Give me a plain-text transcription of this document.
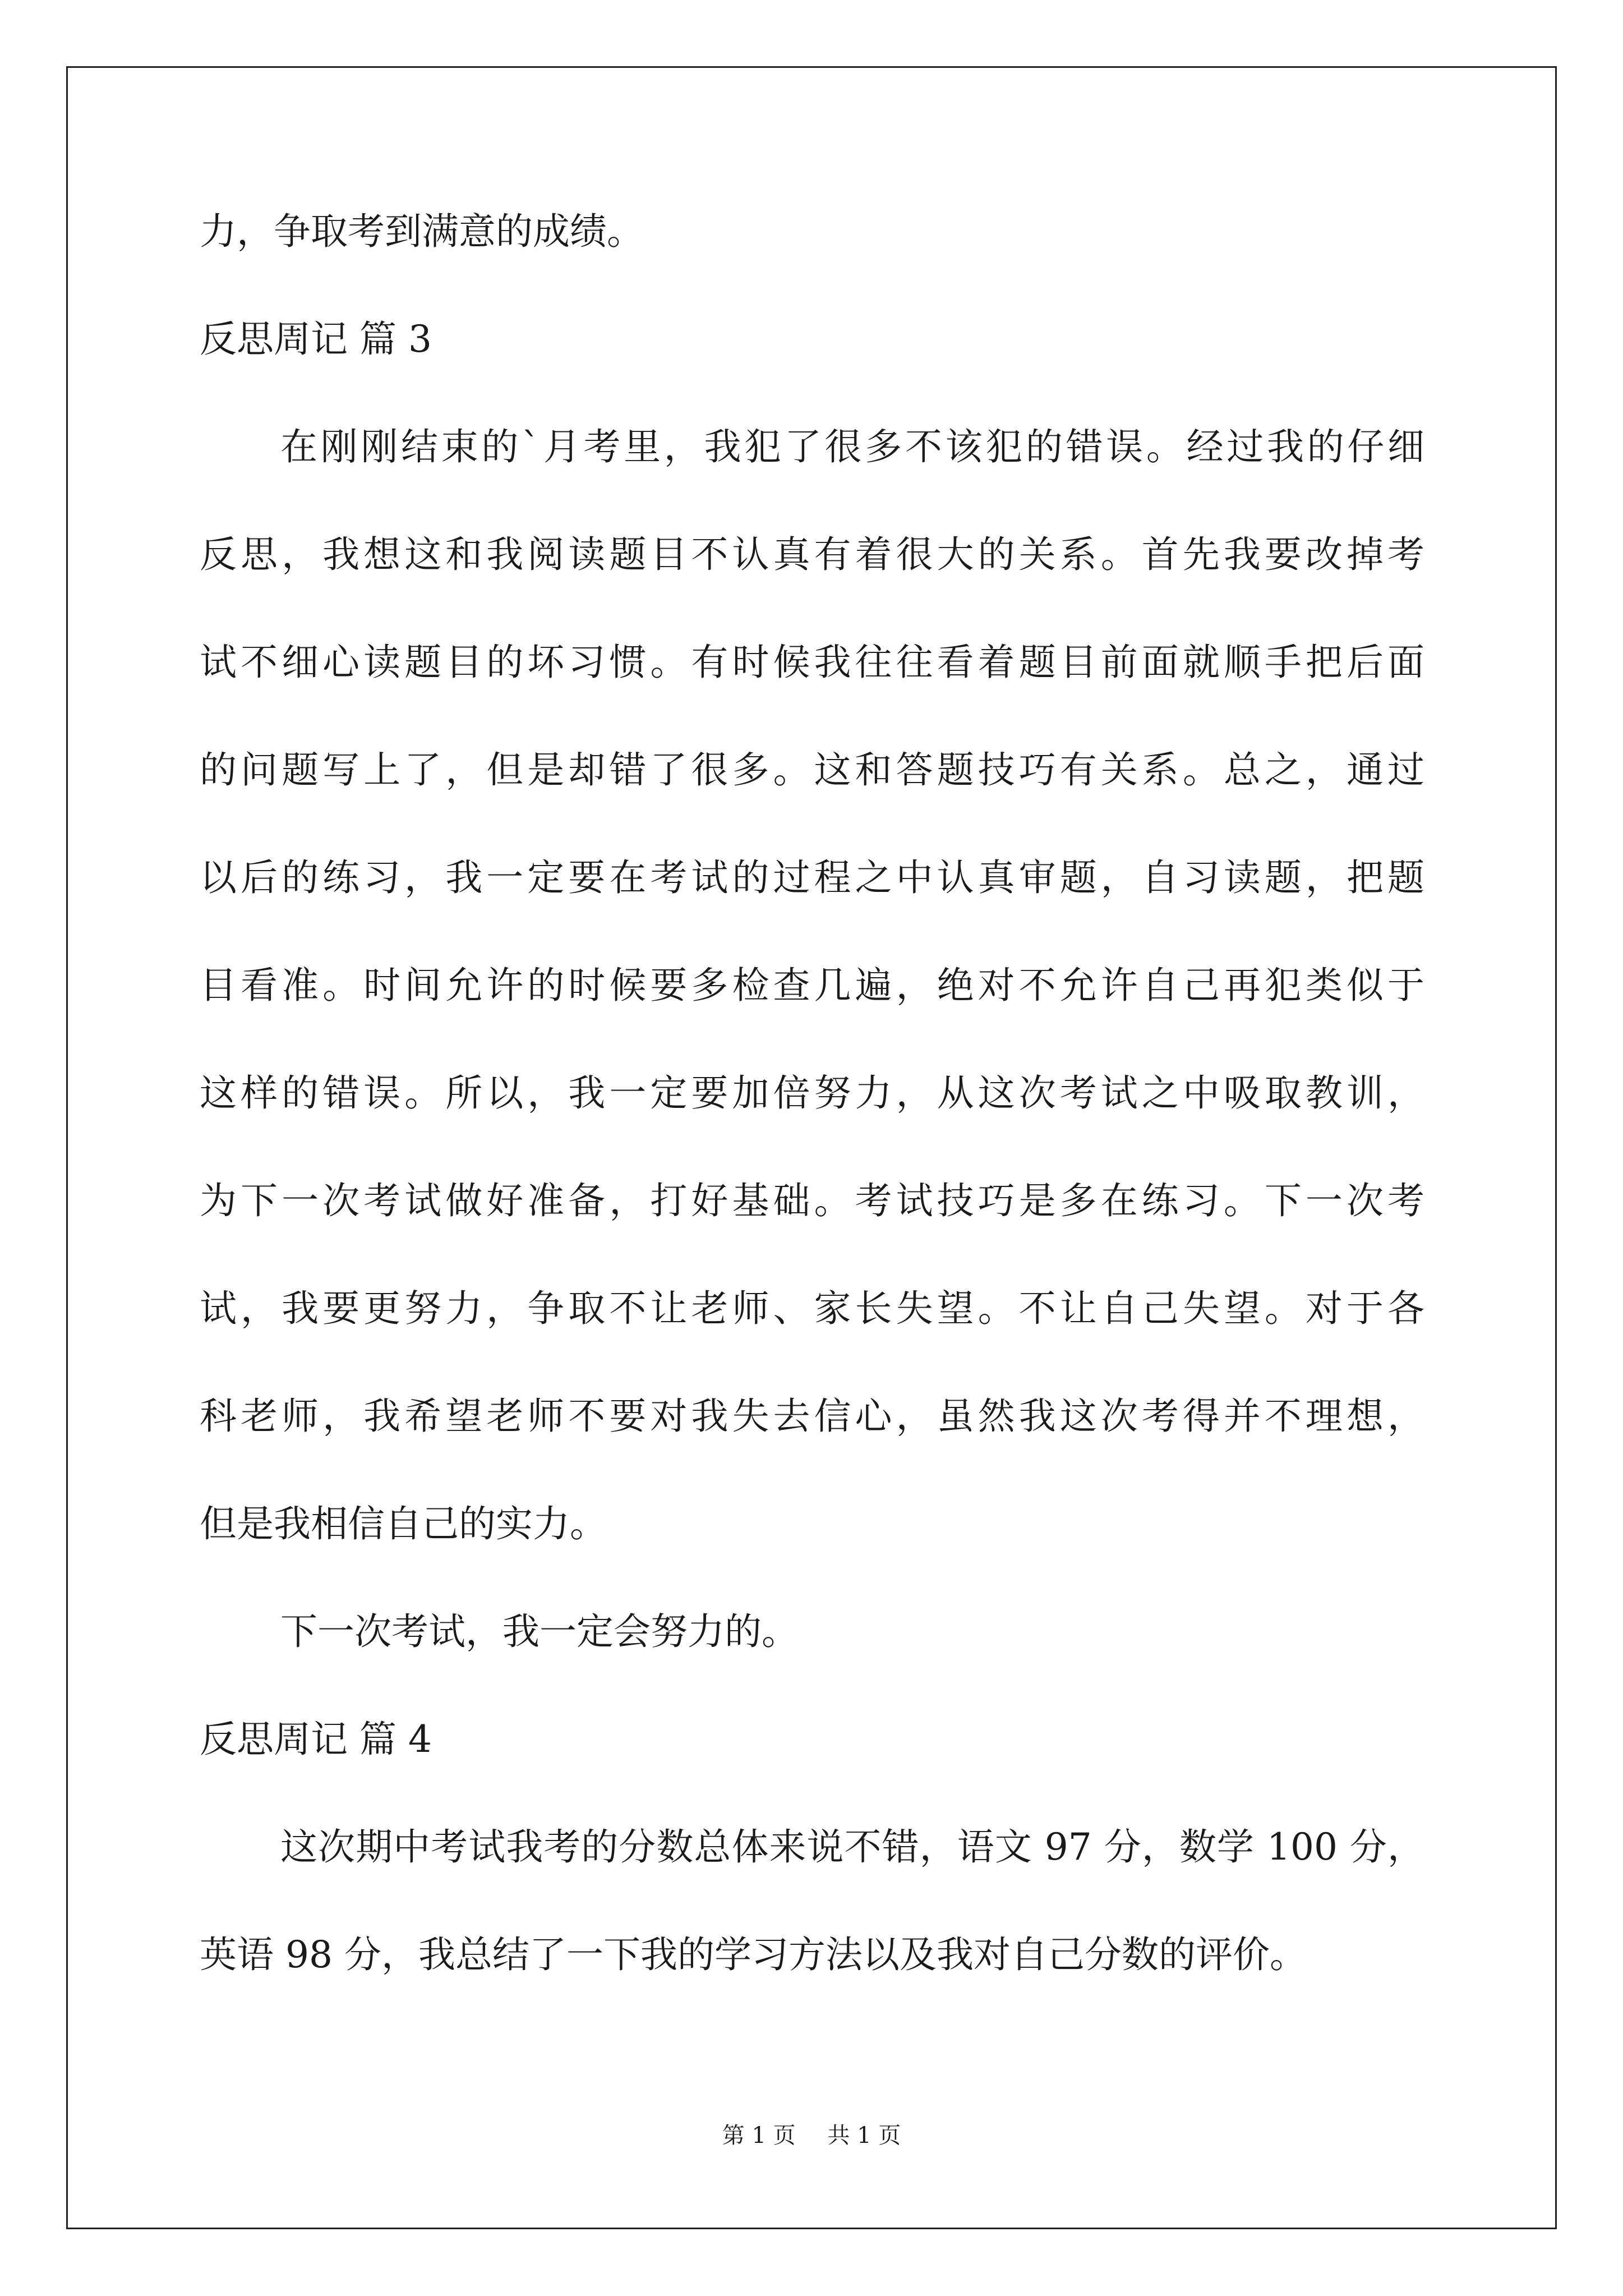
力，争取考到满意的成绩。
反思周记 篇 3
在刚刚结束的`月考里，我犯了很多不该犯的错误。经过我的仔细
反思，我想这和我阅读题目不认真有着很大的关系。首先我要改掉考
试不细心读题目的坏习惯。有时候我往往看着题目前面就顺手把后面
的问题写上了，但是却错了很多。这和答题技巧有关系。总之，通过
以后的练习，我一定要在考试的过程之中认真审题，自习读题，把题
目看准。时间允许的时候要多检查几遍，绝对不允许自己再犯类似于
这样的错误。所以，我一定要加倍努力，从这次考试之中吸取教训，
为下一次考试做好准备，打好基础。考试技巧是多在练习。下一次考
试，我要更努力，争取不让老师、家长失望。不让自己失望。对于各
科老师，我希望老师不要对我失去信心，虽然我这次考得并不理想，
但是我相信自己的实力。
下一次考试，我一定会努力的。
反思周记 篇 4
这次期中考试我考的分数总体来说不错，语文 97 分，数学 100 分，
英语 98 分，我总结了一下我的学习方法以及我对自己分数的评价。
第 1 页 共 1 页
